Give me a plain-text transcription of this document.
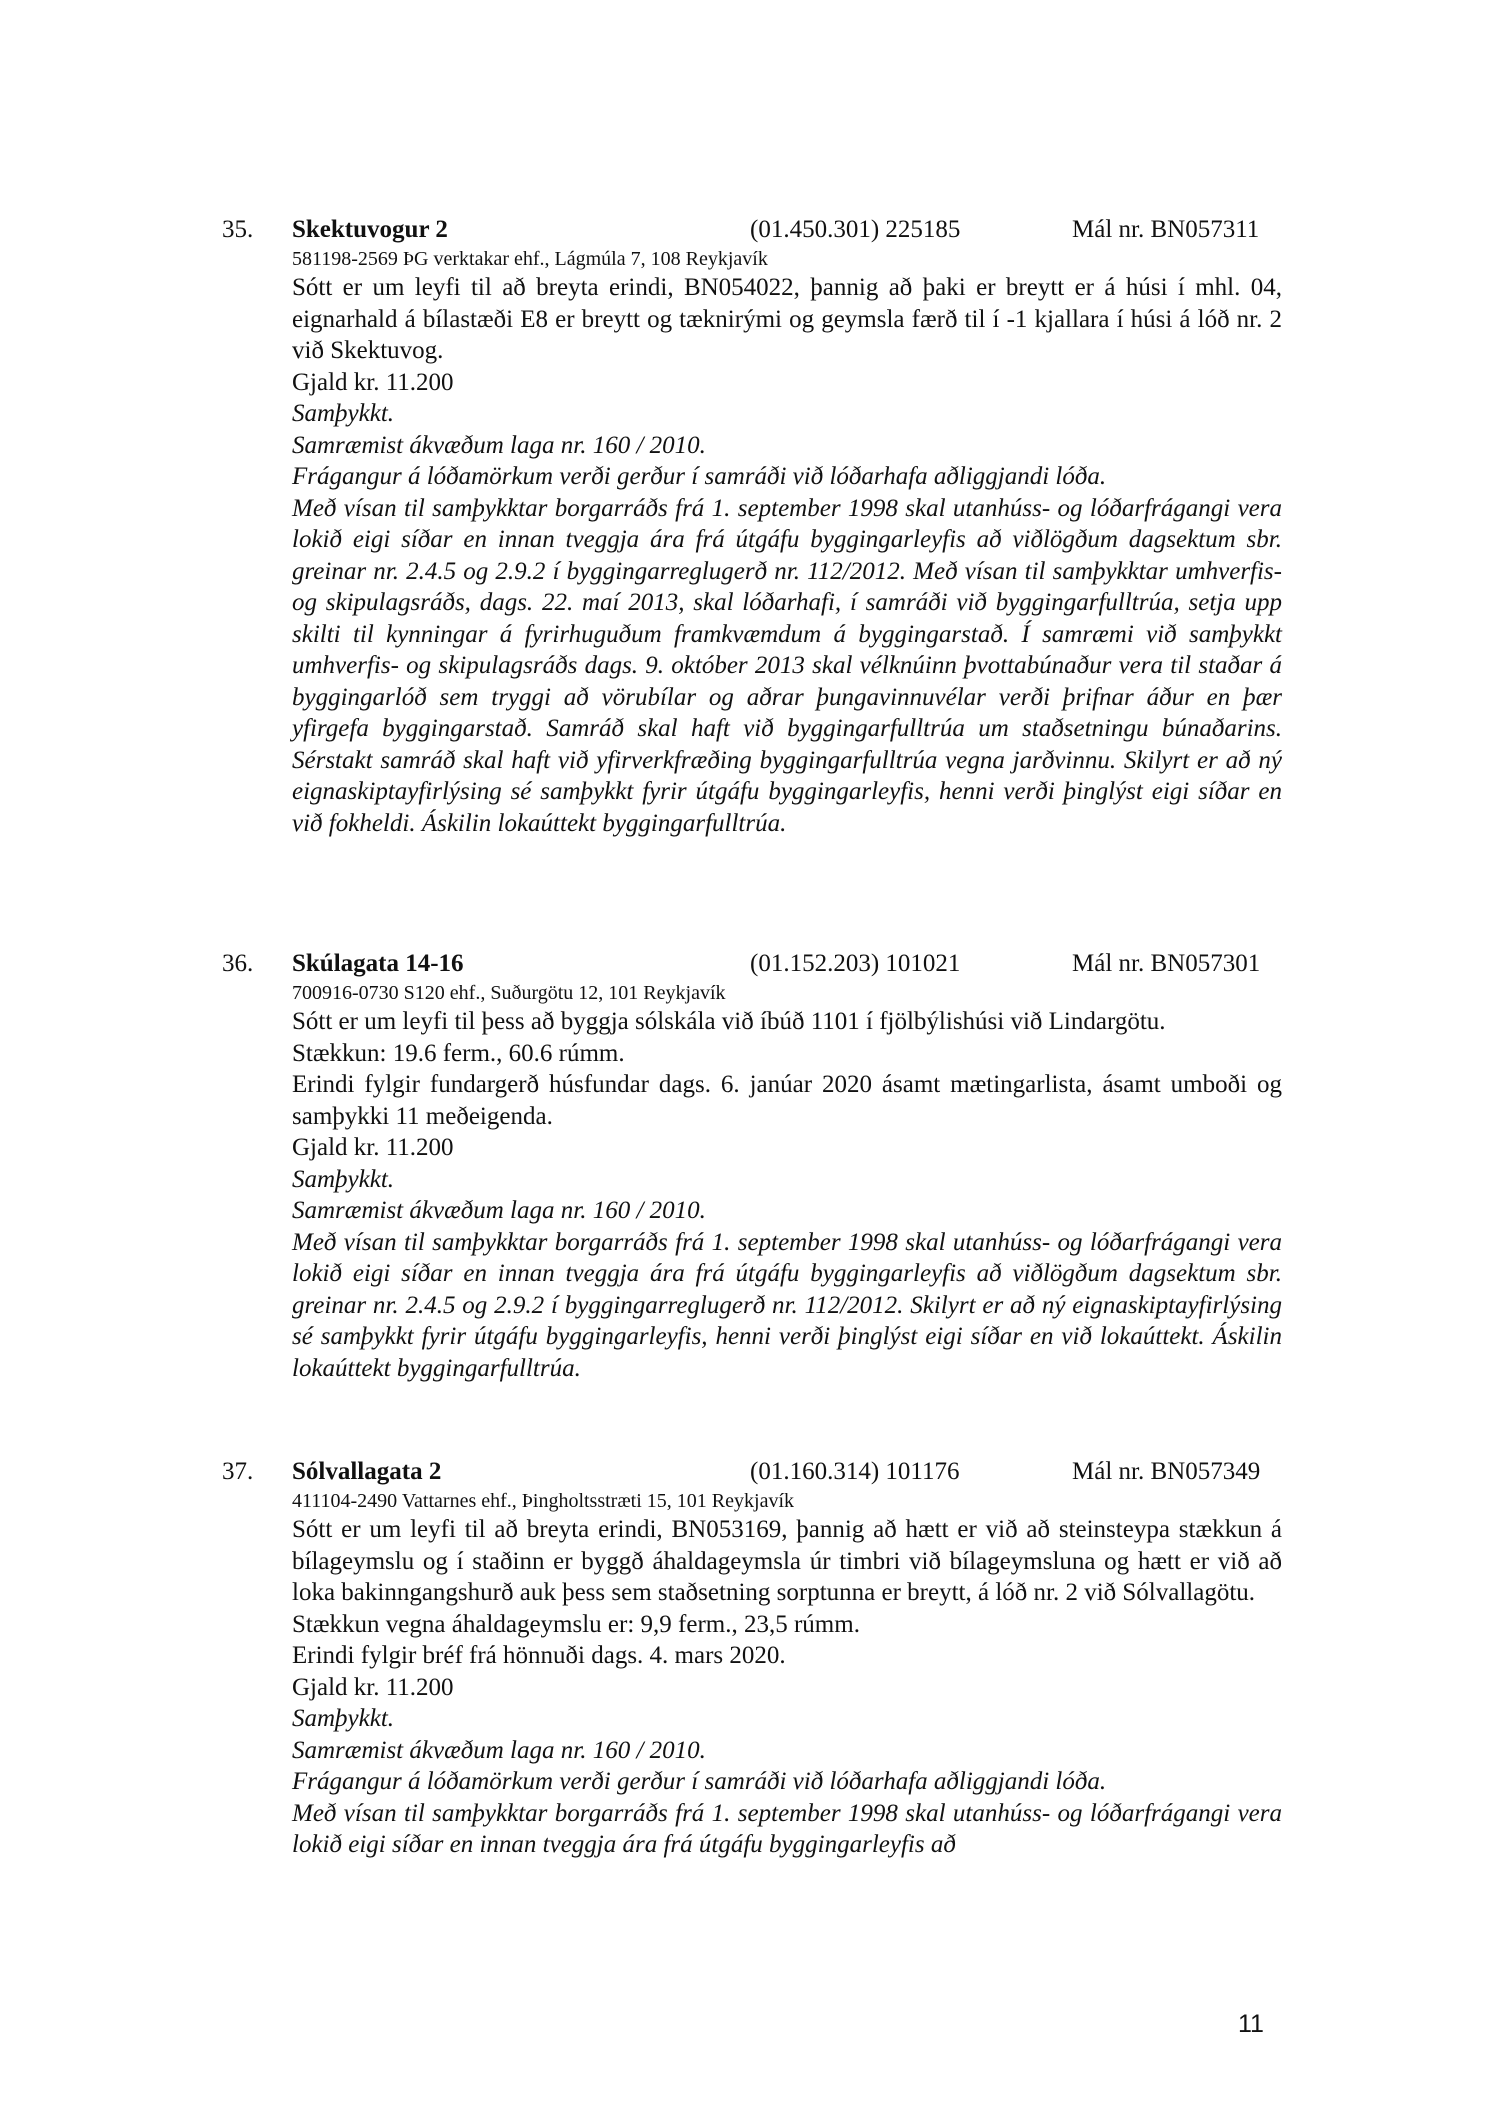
35. Skektuvogur 2	(01.450.301) 225185	Mál nr. BN057311
581198-2569 ÞG verktakar ehf., Lágmúla 7, 108 Reykjavík

Sótt er um leyfi til að breyta erindi, BN054022, þannig að þaki er breytt er á húsi í mhl. 04, eignarhald á bílastæði E8 er breytt og tæknirými og geymsla færð til í -1 kjallara í húsi á lóð nr. 2 við Skektuvog.

Gjald kr. 11.200

Samþykkt.

Samræmist ákvæðum laga nr. 160 / 2010.

Frágangur á lóðamörkum verði gerður í samráði við lóðarhafa aðliggjandi lóða.

Með vísan til samþykktar borgarráðs frá 1. september 1998 skal utanhúss- og lóðarfrágangi vera lokið eigi síðar en innan tveggja ára frá útgáfu byggingarleyfis að viðlögðum dagsektum sbr. greinar nr. 2.4.5 og 2.9.2 í byggingarreglugerð nr. 112/2012. Með vísan til samþykktar umhverfis- og skipulagsráðs, dags. 22. maí 2013, skal lóðarhafi, í samráði við byggingarfulltrúa, setja upp skilti til kynningar á fyrirhuguðum framkvæmdum á byggingarstað. Í samræmi við samþykkt umhverfis- og skipulagsráðs dags. 9. október 2013 skal vélknúinn þvottabúnaður vera til staðar á byggingarlóð sem tryggi að vörubílar og aðrar þungavinnuvélar verði þrifnar áður en þær yfirgefa byggingarstað. Samráð skal haft við byggingarfulltrúa um staðsetningu búnaðarins. Sérstakt samráð skal haft við yfirverkfræðing byggingarfulltrúa vegna jarðvinnu. Skilyrt er að ný eignaskiptayfirlýsing sé samþykkt fyrir útgáfu byggingarleyfis, henni verði þinglýst eigi síðar en við fokheldi. Áskilin lokaúttekt byggingarfulltrúa.

36. Skúlagata 14-16	(01.152.203) 101021	Mál nr. BN057301
700916-0730 S120 ehf., Suðurgötu 12, 101 Reykjavík

Sótt er um leyfi til þess að byggja sólskála við íbúð 1101 í fjölbýlishúsi við Lindargötu.

Stækkun: 19.6 ferm., 60.6 rúmm.

Erindi fylgir fundargerð húsfundar dags. 6. janúar 2020 ásamt mætingarlista, ásamt umboði og samþykki 11 meðeigenda.

Gjald kr. 11.200

Samþykkt.

Samræmist ákvæðum laga nr. 160 / 2010.

Með vísan til samþykktar borgarráðs frá 1. september 1998 skal utanhúss- og lóðarfrágangi vera lokið eigi síðar en innan tveggja ára frá útgáfu byggingarleyfis að viðlögðum dagsektum sbr. greinar nr. 2.4.5 og 2.9.2 í byggingarreglugerð nr. 112/2012. Skilyrt er að ný eignaskiptayfirlýsing sé samþykkt fyrir útgáfu byggingarleyfis, henni verði þinglýst eigi síðar en við lokaúttekt. Áskilin lokaúttekt byggingarfulltrúa.

37. Sólvallagata 2	(01.160.314) 101176	Mál nr. BN057349
411104-2490 Vattarnes ehf., Þingholtsstræti 15, 101 Reykjavík

Sótt er um leyfi til að breyta erindi, BN053169, þannig að hætt er við að steinsteypa stækkun á bílageymslu og í staðinn er byggð áhaldageymsla úr timbri við bílageymsluna og hætt er við að loka bakinngangshurð auk þess sem staðsetning sorptunna er breytt, á lóð nr. 2 við Sólvallagötu.

Stækkun vegna áhaldageymslu er: 9,9 ferm., 23,5 rúmm.

Erindi fylgir bréf frá hönnuði dags. 4. mars 2020.

Gjald kr. 11.200

Samþykkt.

Samræmist ákvæðum laga nr. 160 / 2010.

Frágangur á lóðamörkum verði gerður í samráði við lóðarhafa aðliggjandi lóða.

Með vísan til samþykktar borgarráðs frá 1. september 1998 skal utanhúss- og lóðarfrágangi vera lokið eigi síðar en innan tveggja ára frá útgáfu byggingarleyfis að

11
